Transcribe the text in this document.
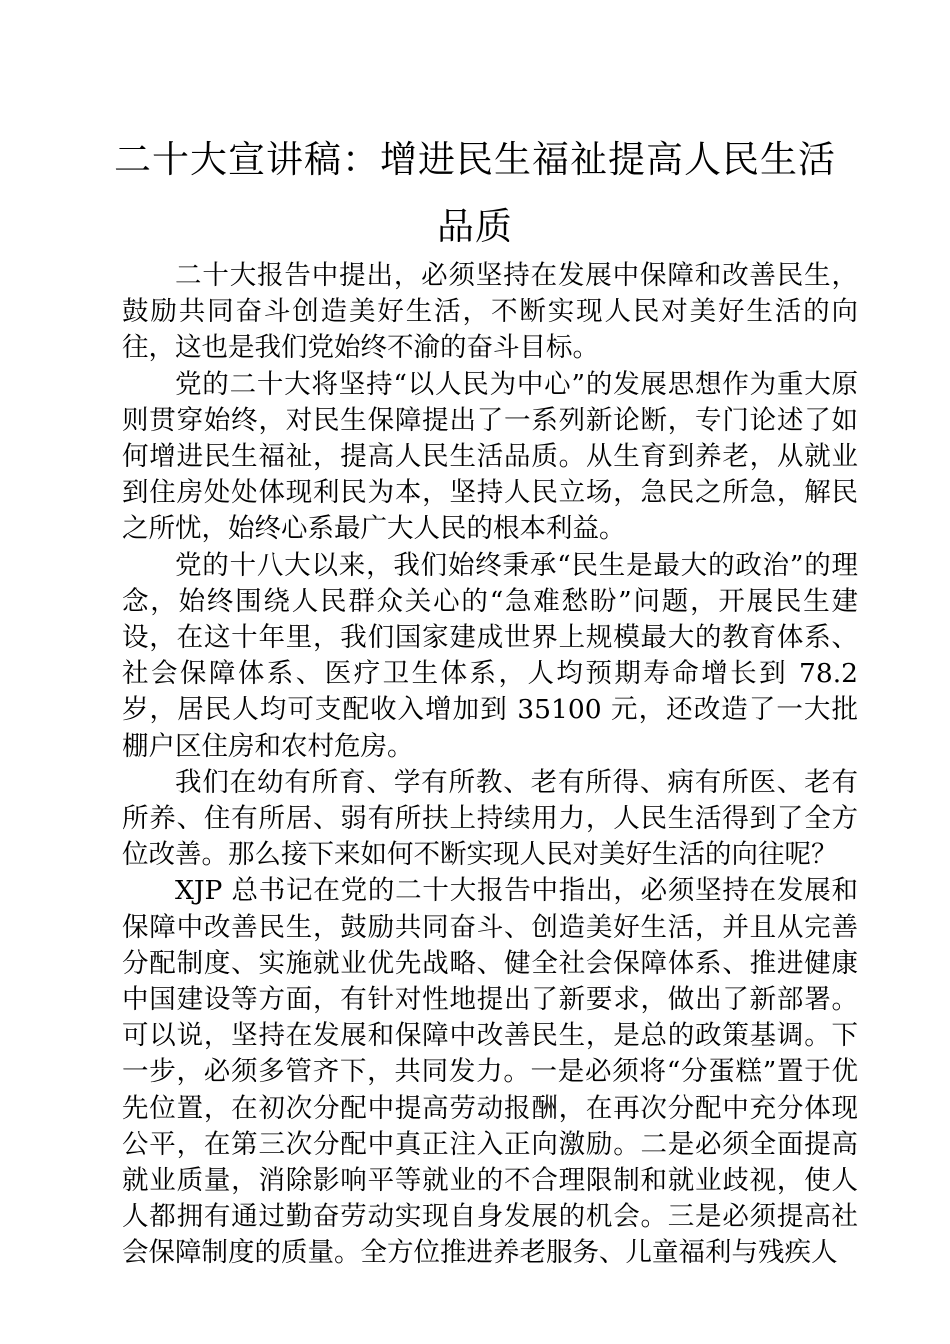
二十大宣讲稿：增进民生福祉提高人民生活品质

二十大报告中提出，必须坚持在发展中保障和改善民生，鼓励共同奋斗创造美好生活，不断实现人民对美好生活的向往，这也是我们党始终不渝的奋斗目标。

党的二十大将坚持“以人民为中心”的发展思想作为重大原则贯穿始终，对民生保障提出了一系列新论断，专门论述了如何增进民生福祉，提高人民生活品质。从生育到养老，从就业到住房处处体现利民为本，坚持人民立场，急民之所急，解民之所忧，始终心系最广大人民的根本利益。

党的十八大以来，我们始终秉承“民生是最大的政治”的理念，始终围绕人民群众关心的“急难愁盼”问题，开展民生建设，在这十年里，我们国家建成世界上规模最大的教育体系、社会保障体系、医疗卫生体系，人均预期寿命增长到 78.2 岁，居民人均可支配收入增加到 35100 元，还改造了一大批棚户区住房和农村危房。

我们在幼有所育、学有所教、老有所得、病有所医、老有所养、住有所居、弱有所扶上持续用力，人民生活得到了全方位改善。那么接下来如何不断实现人民对美好生活的向往呢？

XJP 总书记在党的二十大报告中指出，必须坚持在发展和保障中改善民生，鼓励共同奋斗、创造美好生活，并且从完善分配制度、实施就业优先战略、健全社会保障体系、推进健康中国建设等方面，有针对性地提出了新要求，做出了新部署。可以说，坚持在发展和保障中改善民生，是总的政策基调。下一步，必须多管齐下，共同发力。一是必须将“分蛋糕”置于优先位置，在初次分配中提高劳动报酬，在再次分配中充分体现公平，在第三次分配中真正注入正向激励。二是必须全面提高就业质量，消除影响平等就业的不合理限制和就业歧视，使人人都拥有通过勤奋劳动实现自身发展的机会。三是必须提高社会保障制度的质量。全方位推进养老服务、儿童福利与残疾人
